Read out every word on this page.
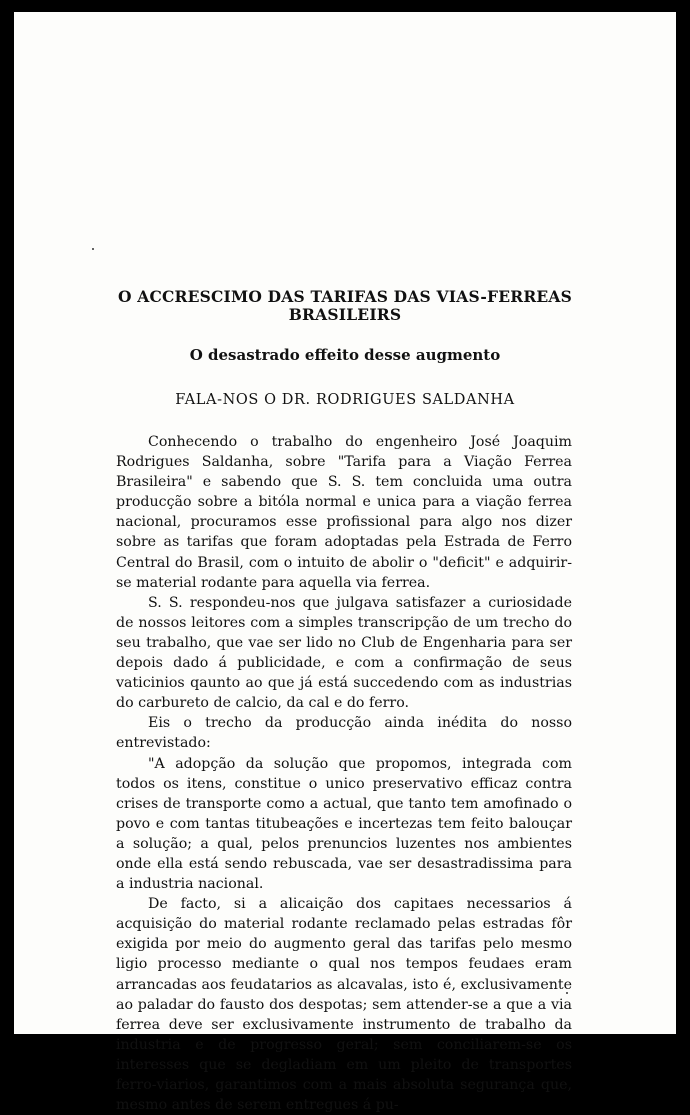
O ACCRESCIMO DAS TARIFAS DAS VIAS-FERREAS
BRASILEIRS
O desastrado effeito desse augmento
FALA-NOS O DR. RODRIGUES SALDANHA

Conhecendo o trabalho do engenheiro José Joaquim Rodrigues Saldanha, sobre "Tarifa para a Viação Ferrea Brasileira" e sabendo que S. S. tem concluida uma outra producção sobre a bitóla normal e unica para a viação ferrea nacional, procuramos esse profissional para algo nos dizer sobre as tarifas que foram adoptadas pela Estrada de Ferro Central do Brasil, com o intuito de abolir o "deficit" e adquirir-se material rodante para aquella via ferrea.

S. S. respondeu-nos que julgava satisfazer a curiosidade de nossos leitores com a simples transcripção de um trecho do seu trabalho, que vae ser lido no Club de Engenharia para ser depois dado á publicidade, e com a confirmação de seus vaticinios qaunto ao que já está succedendo com as industrias do carbureto de calcio, da cal e do ferro.

Eis o trecho da producção ainda inédita do nosso entrevistado:

"A adopção da solução que propomos, integrada com todos os itens, constitue o unico preservativo efficaz contra crises de transporte como a actual, que tanto tem amofinado o povo e com tantas titubeações e incertezas tem feito balouçar a solução; a qual, pelos prenuncios luzentes nos ambientes onde ella está sendo rebuscada, vae ser desastradissima para a industria nacional.

De facto, si a alicaição dos capitaes necessarios á acquisição do material rodante reclamado pelas estradas fôr exigida por meio do augmento geral das tarifas pelo mesmo ligio processo mediante o qual nos tempos feudaes eram arrancadas aos feudatarios as alcavalas, isto é, exclusivamente ao paladar do fausto dos despotas; sem attender-se a que a via ferrea deve ser exclusivamente instrumento de trabalho da industria e de progresso geral; sem conciliarem-se os interesses que se degladiam em um pleito de transportes ferro-viarios, garantimos com a mais absoluta segurança que, mesmo antes de serem entregues á pu-
